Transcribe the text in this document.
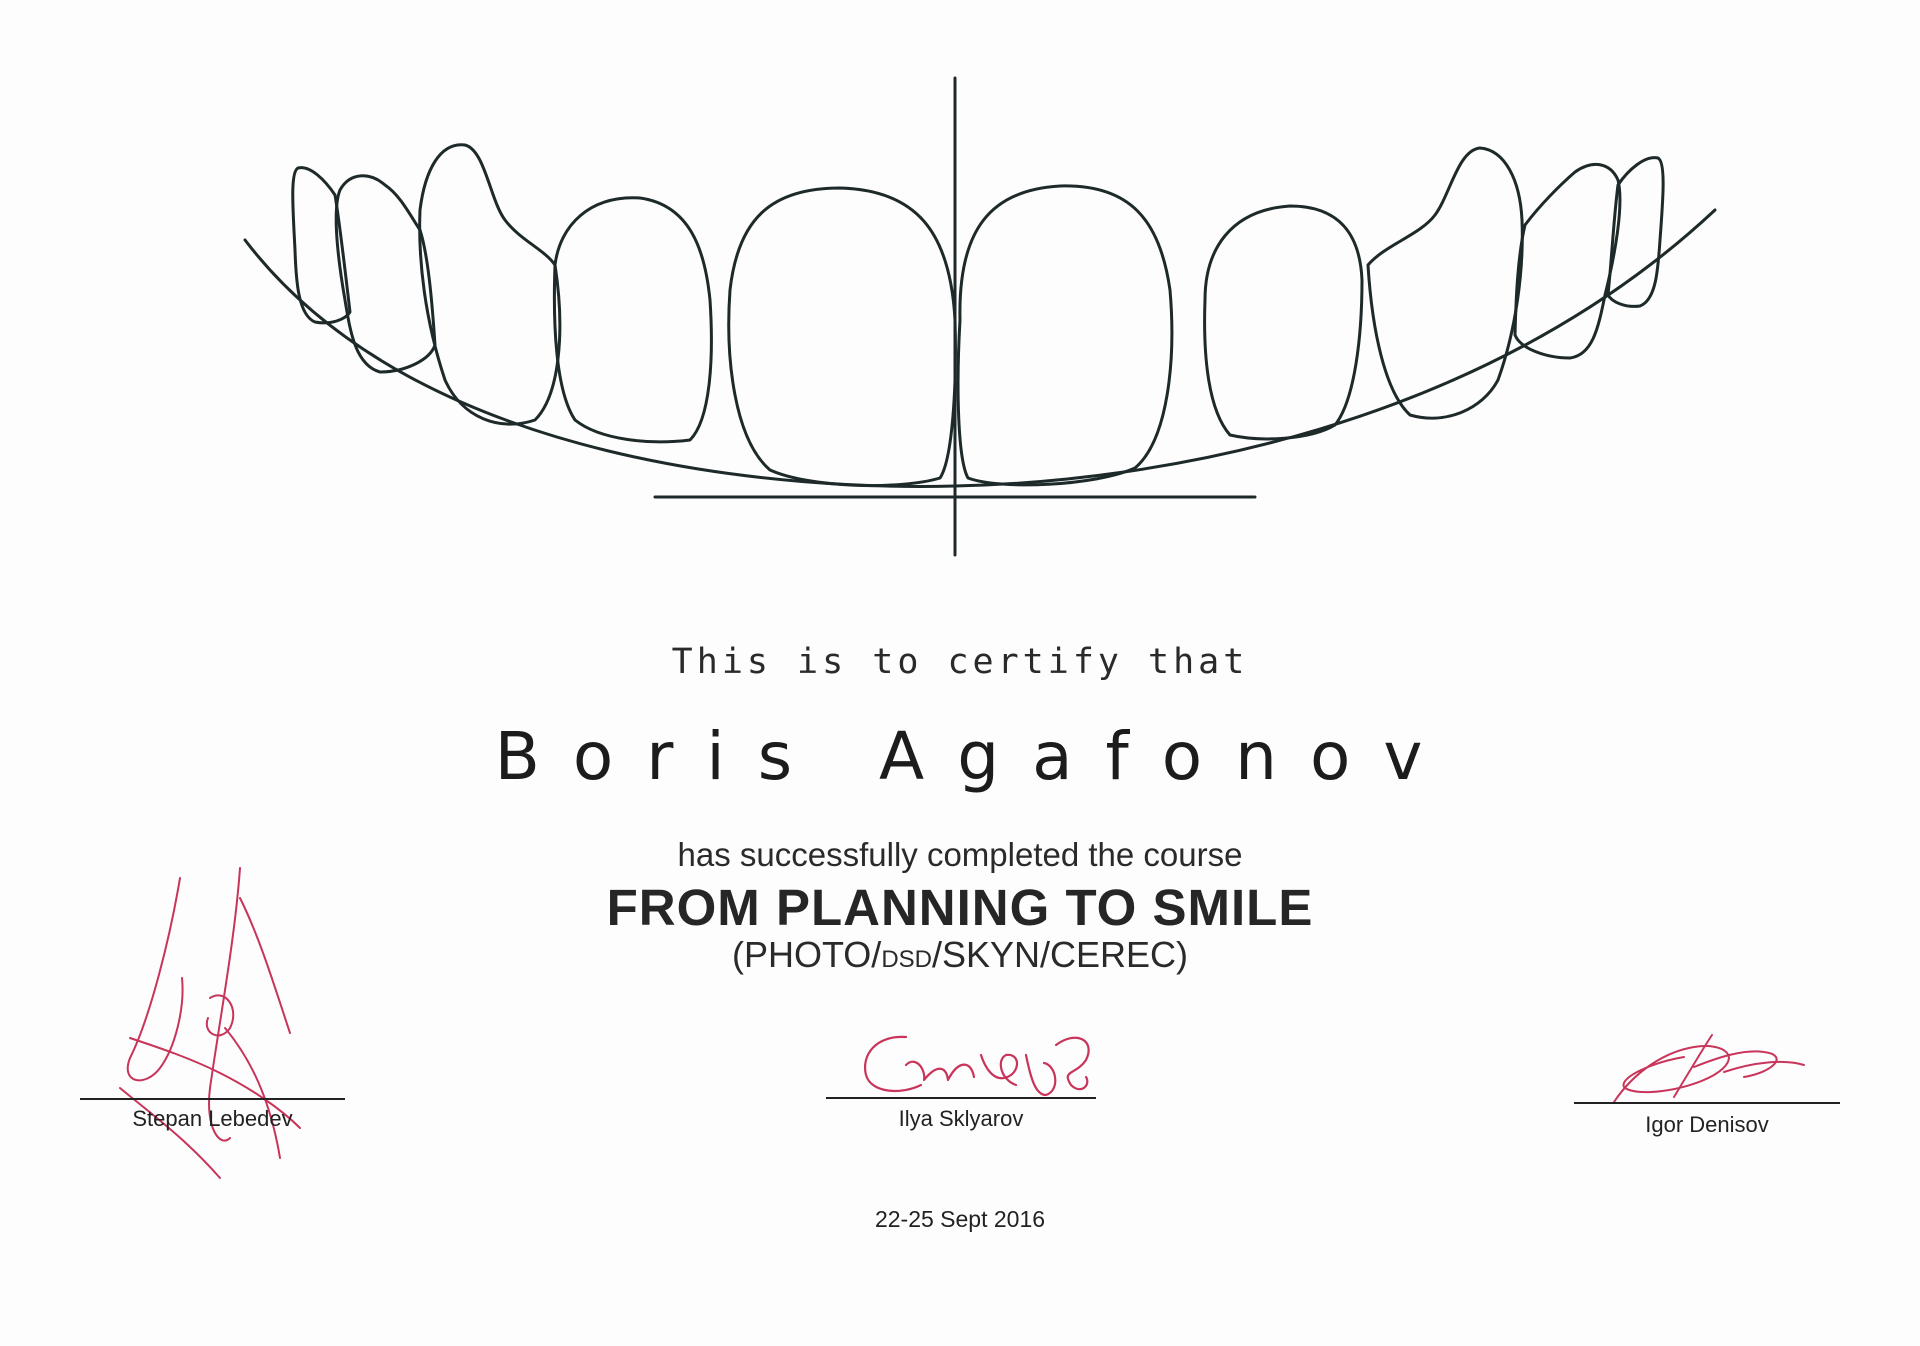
This is to certify that
Boris Agafonov
has successfully completed the course
FROM PLANNING TO SMILE
(PHOTO/DSD/SKYN/CEREC)
Stepan Lebedev	Ilya Sklyarov	Igor Denisov
22-25 Sept 2016
